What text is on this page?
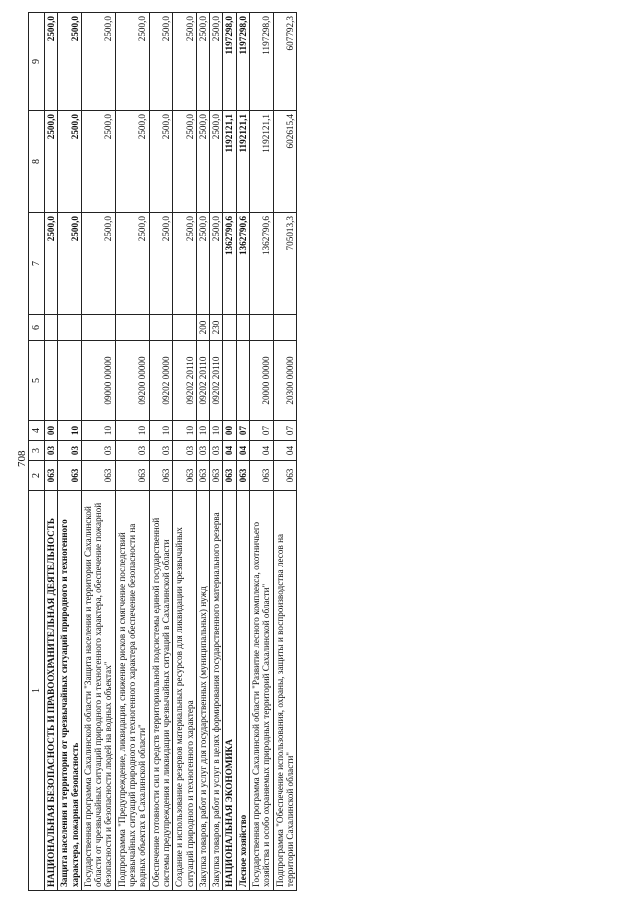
708
1	2	3	4	5	6	7	8	9
НАЦИОНАЛЬНАЯ БЕЗОПАСНОСТЬ И ПРАВООХРАНИТЕЛЬНАЯ ДЕЯТЕЛЬНОСТЬ	063	03	00			2500,0	2500,0	2500,0
Защита населения и территории от чрезвычайных ситуаций природного и техногенного характера, пожарная безопасность	063	03	10			2500,0	2500,0	2500,0
Государственная программа Сахалинской области "Защита населения и территории Сахалинской области от чрезвычайных ситуаций природного и техногенного характера, обеспечение пожарной безопасности и безопасности людей на водных объектах"	063	03	10	09000 00000		2500,0	2500,0	2500,0
Подпрограмма "Предупреждение, ликвидация, снижение рисков и смягчение последствий чрезвычайных ситуаций природного и техногенного характера обеспечение безопасности на водных объектах в Сахалинской области"	063	03	10	09200 00000		2500,0	2500,0	2500,0
Обеспечение готовности сил и средств территориальной подсистемы единой государственной системы предупреждения и ликвидации чрезвычайных ситуаций в Сахалинской области	063	03	10	09202 00000		2500,0	2500,0	2500,0
Создание и использование резервов материальных ресурсов для ликвидации чрезвычайных ситуаций природного и техногенного характера	063	03	10	09202 20110		2500,0	2500,0	2500,0
Закупка товаров, работ и услуг для государственных (муниципальных) нужд	063	03	10	09202 20110	200	2500,0	2500,0	2500,0
Закупка товаров, работ и услуг в целях формирования государственного материального резерва	063	03	10	09202 20110	230	2500,0	2500,0	2500,0
НАЦИОНАЛЬНАЯ ЭКОНОМИКА	063	04	00			1362790,6	1192121,1	1197298,0
Лесное хозяйство	063	04	07			1362790,6	1192121,1	1197298,0
Государственная программа Сахалинской области "Развитие лесного комплекса, охотничьего хозяйства и особо охраняемых природных территорий Сахалинской области"	063	04	07	20000 00000		1362790,6	1192121,1	1197298,0
Подпрограмма "Обеспечение использования, охраны, защиты и воспроизводства лесов на территории Сахалинской области"	063	04	07	20300 00000		705013,3	602615,4	607792,3
